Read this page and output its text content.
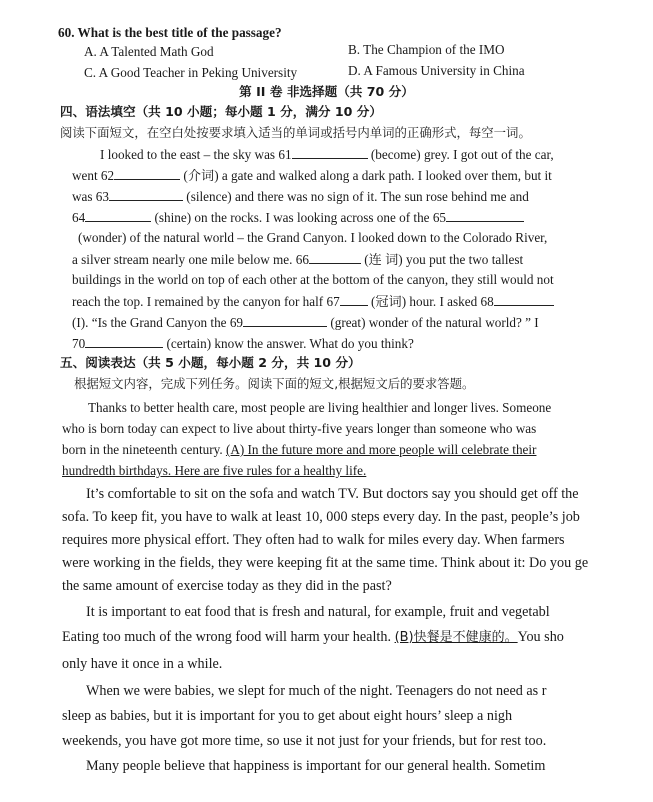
60. What is the best title of the passage?
A. A Talented Math God	B. The Champion of the IMO
C. A Good Teacher in Peking University	D. A Famous University in China
第 II 卷 非选择题（共 70 分）
四、语法填空（共 10 小题；每小题 1 分，满分 10 分）
阅读下面短文，在空白处按要求填入适当的单词或括号内单词的正确形式，每空一词。
I looked to the east – the sky was 61	(become) grey. I got out of the car,
went 62	(介词) a gate and walked along a dark path. I looked over them, but it
was 63	(silence) and there was no sign of it. The sun rose behind me and
64	(shine) on the rocks. I was looking across one of the 65
(wonder) of the natural world – the Grand Canyon. I looked down to the Colorado River,
a silver stream nearly one mile below me. 66	(连 词) you put the two tallest
buildings in the world on top of each other at the bottom of the canyon, they still would not
reach the top. I remained by the canyon for half 67 (冠词) hour. I asked 68
(I). “Is the Grand Canyon the 69	(great) wonder of the natural world? ” I
70	(certain) know the answer. What do you think?
五、阅读表达（共 5 小题，每小题 2 分，共 10 分）
根据短文内容，完成下列任务。阅读下面的短文,根据短文后的要求答题。
Thanks to better health care, most people are living healthier and longer lives. Someone
who is born today can expect to live about thirty-five years longer than someone who was
born in the nineteenth century. (A) In the future more and more people will celebrate their
hundredth birthdays. Here are five rules for a healthy life.
It’s comfortable to sit on the sofa and watch TV. But doctors say you should get off the
sofa. To keep fit, you have to walk at least 10, 000 steps every day. In the past, people’s job
requires more physical effort. They often had to walk for miles every day. When farmers
were working in the fields, they were keeping fit at the same time. Think about it: Do you ge
the same amount of exercise today as they did in the past?
It is important to eat food that is fresh and natural, for example, fruit and vegetabl
Eating too much of the wrong food will harm your health. (B)快餐是不健康的。You sho
only have it once in a while.
When we were babies, we slept for much of the night. Teenagers do not need as r
sleep as babies, but it is important for you to get about eight hours’ sleep a nigh
weekends, you have got more time, so use it not just for your friends, but for rest too.
Many people believe that happiness is important for our general health. Sometim
